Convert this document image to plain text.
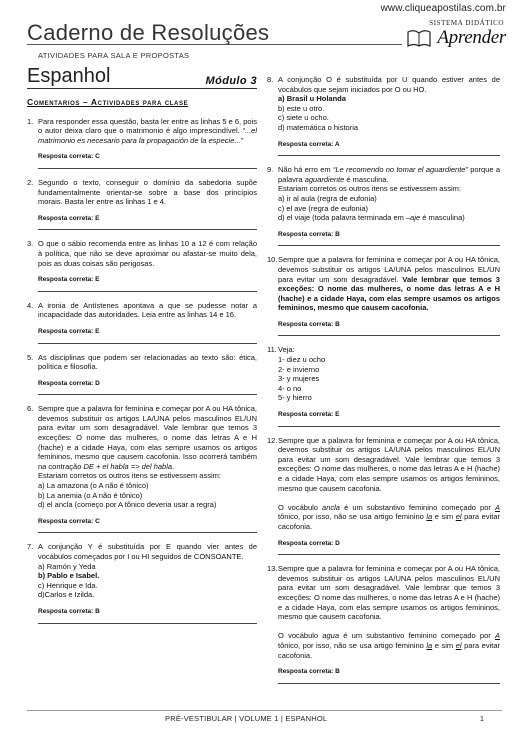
www.cliqueapostilas.com.br
Caderno de Resoluções
ATIVIDADES PARA SALA E PROPOSTAS
SISTEMA DIDÁTICO
Aprender
Espanhol	Módulo 3
Comentarios – Actividades para clase
1. Para responder essa questão, basta ler entre as linhas 5 e 6, pois o autor deixa claro que o matrimonio é algo imprescindível. “...el matrimonio es necesario para la propagación de la especie...”

Resposta correta: C
2. Segundo o texto, conseguir o domínio da sabedoria supõe fundamentalmente orientar-se sobre a base dos princípios morais. Basta ler entre as linhas 1 e 4.

Resposta correta: E
3. O que o sábio recomenda entre as linhas 10 a 12 é com relação à política, que não se deve aproximar ou afastar-se muito dela, pois as duas coisas são perigosas.

Resposta correta: E
4. A ironia de Antístenes apontava a que se pudesse notar a incapacidade das autoridades. Leia entre as linhas 14 e 16.

Resposta correta: E
5. As disciplinas que podem ser relacionadas ao texto são: ética, política e filosofia.

Resposta correta: D
6. Sempre que a palavra for feminina e começar por A ou HA tônica, devemos substituir os artigos LA/UNA pelos masculinos EL/UN para evitar um som desagradável. Vale lembrar que temos 3 exceções: O nome das mulheres, o nome das letras A e H (hache) e a cidade Haya, com elas sempre usamos os artigos femininos, mesmo que causem cacofonia. Isso ocorrerá também na contração DE + el habla => del habla.
Estariam corretos os outros itens se estivessem assim:
a) La amazona (o A não é tônico)
b) La anemia (o A não é tônico)
d) el ancla (começo por A tônico deveria usar a regra)

Resposta correta: C
7. A conjunção Y é substituída por E quando vier antes de vocábulos começados por I ou HI seguidos de CONSOANTE.
a) Ramón y Yeda
b) Pablo e Isabel.
c) Henrique e Ida.
d)Carlos e Izilda.

Resposta correta: B
8. A conjunção O é substituída por U quando estiver antes de vocábulos que sejam iniciados por O ou HO.
a) Brasil u Holanda
b) este u otro.
c) siete u ocho.
d) matemática o historia

Resposta correta: A
9. Não há erro em “Le recomendo no tomar el aguardiente” porque a palavra aguardiente é masculina.
Estariam corretos os outros itens se estivessem assim:
a) ir al aula (regra de eufonia)
c) el ave (regra de eufonia)
d) el viaje (toda palavra terminada em –aje é masculina)

Resposta correta: B
10. Sempre que a palavra for feminina e começar por A ou HA tônica, devemos substituir os artigos LA/UNA pelos masculinos EL/UN para evitar um som desagradável. Vale lembrar que temos 3 exceções: O nome das mulheres, o nome das letras A e H (hache) e a cidade Haya, com elas sempre usamos os artigos femininos, mesmo que causem cacofonia.

Resposta correta: B
11. Veja:
1- diez u ocho
2- e invierno
3- y mujeres
4- o no
5- y hierro

Resposta correta: E
12. Sempre que a palavra for feminina e começar por A ou HA tônica, devemos substituir os artigos LA/UNA pelos masculinos EL/UN para evitar um som desagradável. Vale lembrar que temos 3 exceções: O nome das mulheres, o nome das letras A e H (hache) e a cidade Haya, com elas sempre usamos os artigos femininos, mesmo que causem cacofonia.

O vocábulo ancla é um substantivo feminino começado por A tônico, por isso, não se usa artigo feminino la e sim el para evitar cacofonia.

Resposta correta: D
13. Sempre que a palavra for feminina e começar por A ou HA tônica, devemos substituir os artigos LA/UNA pelos masculinos EL/UN para evitar um som desagradável. Vale lembrar que temos 3 exceções: O nome das mulheres, o nome das letras A e H (hache) e a cidade Haya, com elas sempre usamos os artigos femininos, mesmo que causem cacofonia.

O vocábulo agua é um substantivo feminino começado por A tônico, por isso, não se usa artigo feminino la e sim el para evitar cacofonia.

Resposta correta: B
PRÉ-VESTIBULAR | VOLUME 1 | ESPANHOL	1
